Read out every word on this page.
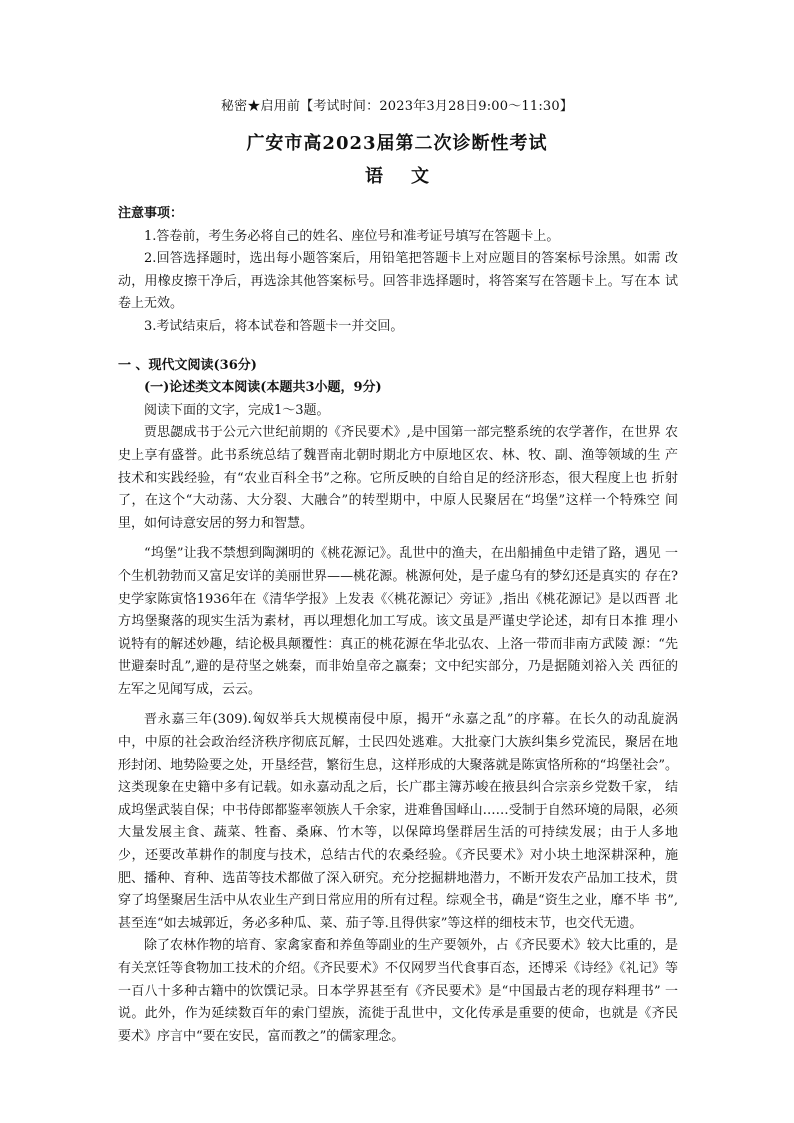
秘密★启用前【考试时间：2023年3月28日9:00～11:30】
广安市高2023届第二次诊断性考试
语文

注意事项：

1.答卷前，考生务必将自己的姓名、座位号和准考证号填写在答题卡上。

2.回答选择题时，选出每小题答案后，用铅笔把答题卡上对应题目的答案标号涂黑。如需 改动，用橡皮擦干净后，再选涂其他答案标号。回答非选择题时，将答案写在答题卡上。写在本 试卷上无效。

3.考试结束后，将本试卷和答题卡一并交回。

一 、现代文阅读(36分)

(一)论述类文本阅读(本题共3小题，9分)

阅读下面的文字，完成1～3题。

贾思勰成书于公元六世纪前期的《齐民要术》,是中国第一部完整系统的农学著作，在世界 农史上享有盛誉。此书系统总结了魏晋南北朝时期北方中原地区农、林、牧、副、渔等领域的生 产技术和实践经验，有“农业百科全书”之称。它所反映的自给自足的经济形态，很大程度上也 折射了，在这个“大动荡、大分裂、大融合”的转型期中，中原人民聚居在“坞堡”这样一个特殊空 间里，如何诗意安居的努力和智慧。

“坞堡”让我不禁想到陶渊明的《桃花源记》。乱世中的渔夫，在出船捕鱼中走错了路，遇见 一个生机勃勃而又富足安详的美丽世界——桃花源。桃源何处，是子虚乌有的梦幻还是真实的 存在?史学家陈寅恪1936年在《清华学报》上发表《〈桃花源记〉旁证》,指出《桃花源记》是以西晋 北方坞堡聚落的现实生活为素材，再以理想化加工写成。该文虽是严谨史学论述，却有日本推 理小说特有的解述妙趣，结论极具颠覆性：真正的桃花源在华北弘农、上洛一带而非南方武陵 源：“先世避秦时乱”,避的是苻坚之姚秦，而非始皇帝之嬴秦；文中纪实部分，乃是据随刘裕入关 西征的左军之见闻写成，云云。

晋永嘉三年(309).匈奴举兵大规模南侵中原，揭开“永嘉之乱”的序幕。在长久的动乱旋涡 中，中原的社会政治经济秩序彻底瓦解，士民四处逃难。大批豪门大族纠集乡党流民，聚居在地 形封闭、地势险要之处，开垦经营，繁衍生息，这样形成的大聚落就是陈寅恪所称的“坞堡社会”。 这类现象在史籍中多有记载。如永嘉动乱之后，长广郡主簿苏峻在掖县纠合宗亲乡党数千家， 结成坞堡武装自保；中书侍郎都鉴率领族人千余家，进难鲁国峄山……受制于自然环境的局限，必须大量发展主食、蔬菜、牲畜、桑麻、竹木等，以保障坞堡群居生活的可持续发展；由于人多地 少，还要改革耕作的制度与技术，总结古代的农桑经验。《齐民要术》对小块土地深耕深种，施 肥、播种、育种、选苗等技术都做了深入研究。充分挖掘耕地潜力，不断开发农产品加工技术，贯 穿了坞堡聚居生活中从农业生产到日常应用的所有过程。综观全书，确是“资生之业，靡不毕 书”,甚至连“如去城郭近，务必多种瓜、菜、茄子等.且得供家”等这样的细枝末节，也交代无遗。

除了农林作物的培育、家禽家畜和养鱼等副业的生产要领外，占《齐民要术》较大比重的，是 有关烹饪等食物加工技术的介绍。《齐民要术》不仅网罗当代食事百态，还博采《诗经》《礼记》等 一百八十多种古籍中的饮馔记录。日本学界甚至有《齐民要术》是“中国最古老的现存料理书” 一说。此外，作为延续数百年的索门望族，流徙于乱世中，文化传承是重要的使命，也就是《齐民 要术》序言中“要在安民，富而教之”的儒家理念。
